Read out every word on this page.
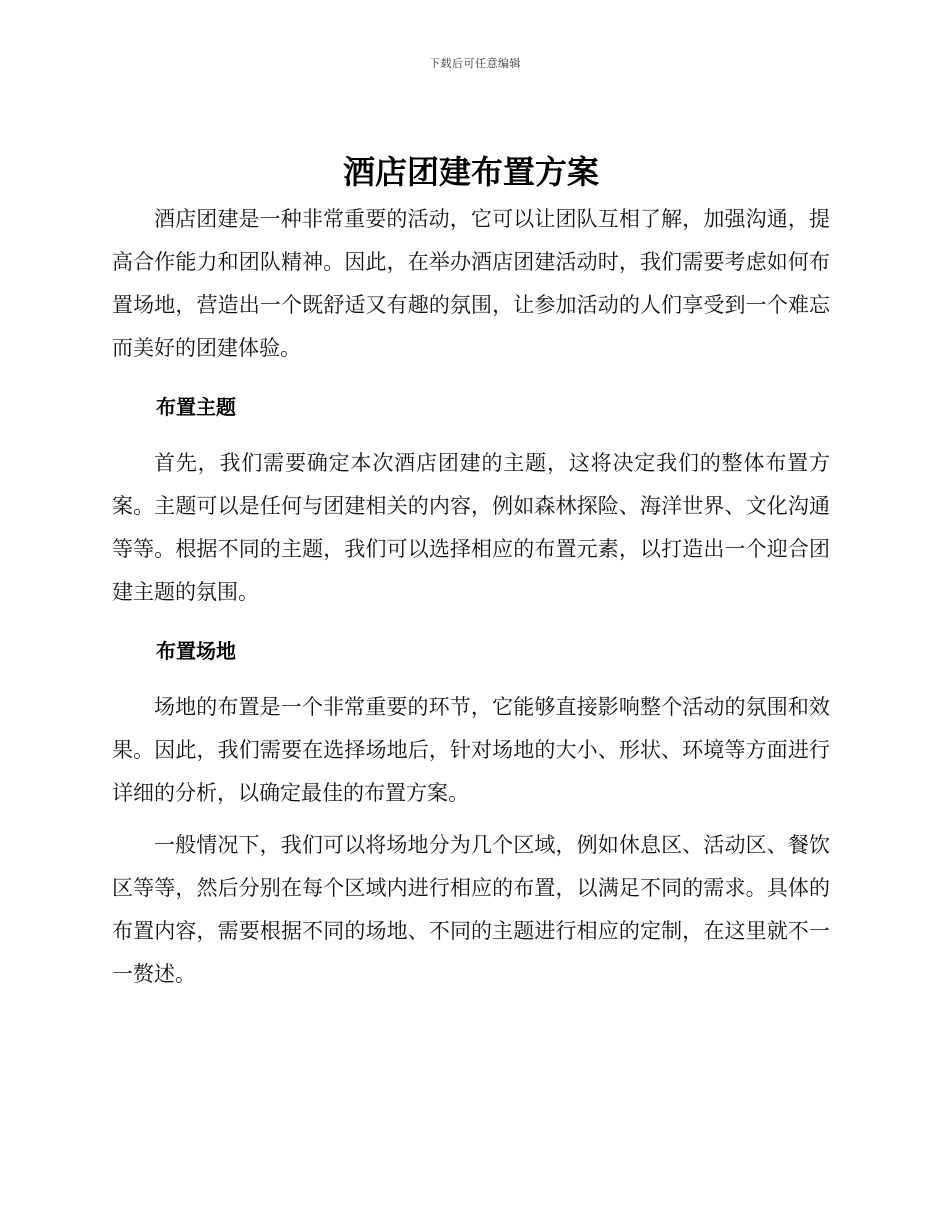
下载后可任意编辑
酒店团建布置方案

酒店团建是一种非常重要的活动，它可以让团队互相了解，加强沟通，提高合作能力和团队精神。因此，在举办酒店团建活动时，我们需要考虑如何布置场地，营造出一个既舒适又有趣的氛围，让参加活动的人们享受到一个难忘而美好的团建体验。

布置主题

首先，我们需要确定本次酒店团建的主题，这将决定我们的整体布置方案。主题可以是任何与团建相关的内容，例如森林探险、海洋世界、文化沟通等等。根据不同的主题，我们可以选择相应的布置元素，以打造出一个迎合团建主题的氛围。

布置场地

场地的布置是一个非常重要的环节，它能够直接影响整个活动的氛围和效果。因此，我们需要在选择场地后，针对场地的大小、形状、环境等方面进行详细的分析，以确定最佳的布置方案。

一般情况下，我们可以将场地分为几个区域，例如休息区、活动区、餐饮区等等，然后分别在每个区域内进行相应的布置，以满足不同的需求。具体的布置内容，需要根据不同的场地、不同的主题进行相应的定制，在这里就不一一赘述。
